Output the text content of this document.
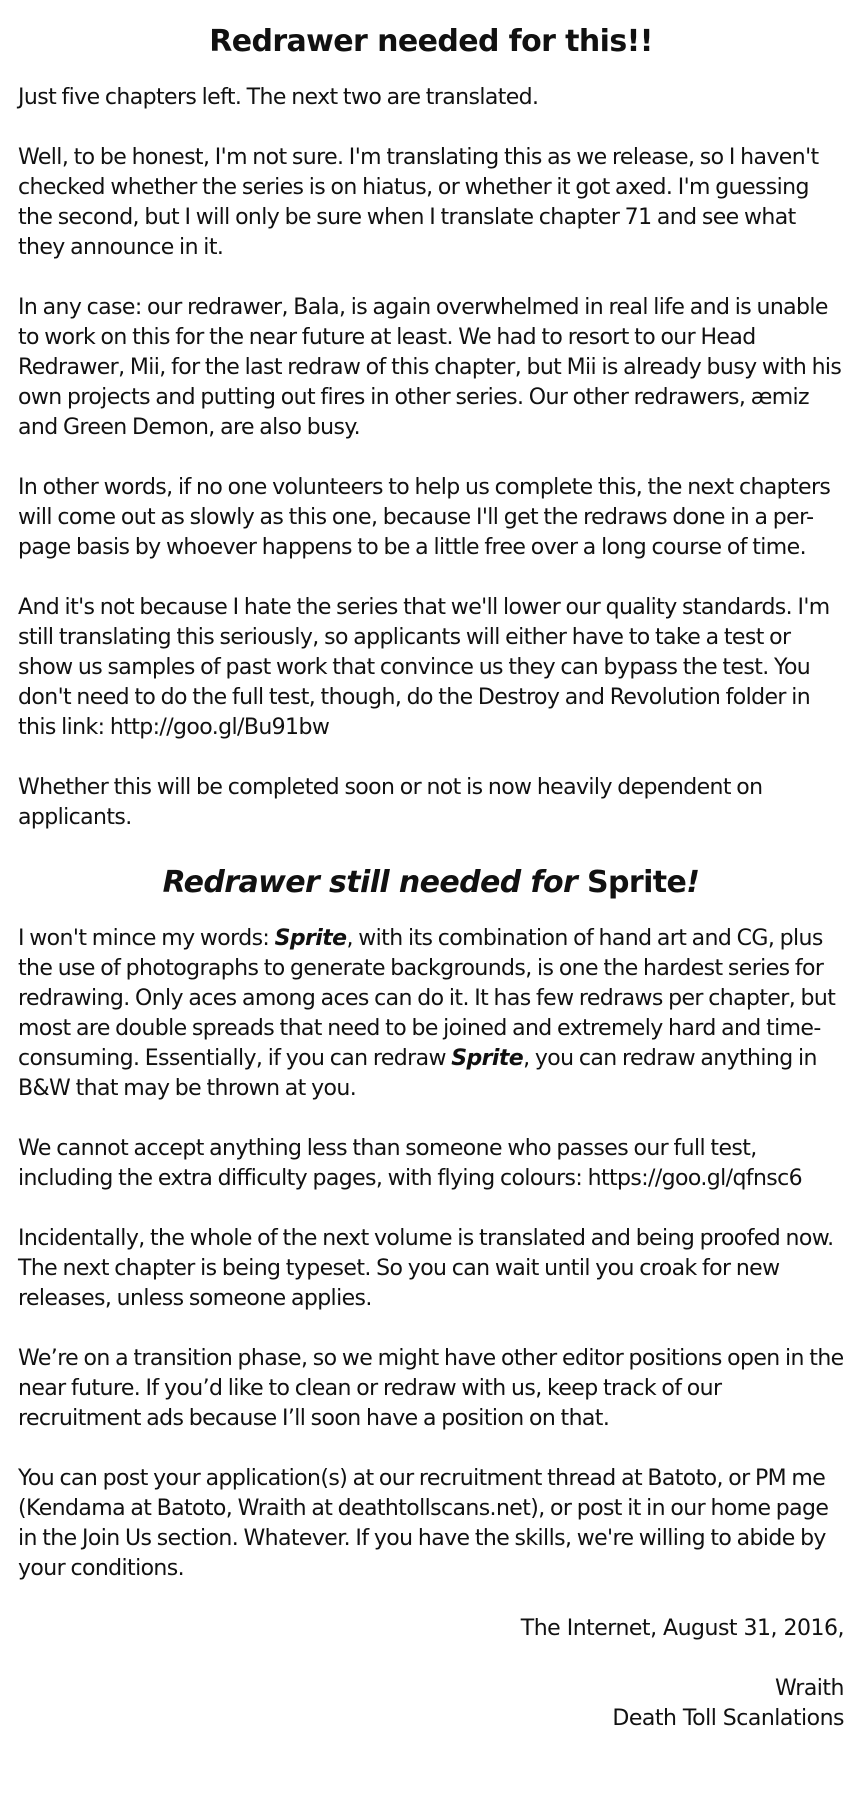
Redrawer needed for this!!

Just five chapters left. The next two are translated.

Well, to be honest, I'm not sure. I'm translating this as we release, so I haven't checked whether the series is on hiatus, or whether it got axed. I'm guessing the second, but I will only be sure when I translate chapter 71 and see what they announce in it.

In any case: our redrawer, Bala, is again overwhelmed in real life and is unable to work on this for the near future at least. We had to resort to our Head Redrawer, Mii, for the last redraw of this chapter, but Mii is already busy with his own projects and putting out fires in other series. Our other redrawers, æmiz and Green Demon, are also busy.

In other words, if no one volunteers to help us complete this, the next chapters will come out as slowly as this one, because I'll get the redraws done in a per-page basis by whoever happens to be a little free over a long course of time.

And it's not because I hate the series that we'll lower our quality standards. I'm still translating this seriously, so applicants will either have to take a test or show us samples of past work that convince us they can bypass the test. You don't need to do the full test, though, do the Destroy and Revolution folder in this link: http://goo.gl/Bu91bw

Whether this will be completed soon or not is now heavily dependent on applicants.

Redrawer still needed for Sprite!

I won't mince my words: Sprite, with its combination of hand art and CG, plus the use of photographs to generate backgrounds, is one the hardest series for redrawing. Only aces among aces can do it. It has few redraws per chapter, but most are double spreads that need to be joined and extremely hard and time-consuming. Essentially, if you can redraw Sprite, you can redraw anything in B&W that may be thrown at you.

We cannot accept anything less than someone who passes our full test, including the extra difficulty pages, with flying colours: https://goo.gl/qfnsc6

Incidentally, the whole of the next volume is translated and being proofed now. The next chapter is being typeset. So you can wait until you croak for new releases, unless someone applies.

We’re on a transition phase, so we might have other editor positions open in the near future. If you’d like to clean or redraw with us, keep track of our recruitment ads because I’ll soon have a position on that.

You can post your application(s) at our recruitment thread at Batoto, or PM me (Kendama at Batoto, Wraith at deathtollscans.net), or post it in our home page in the Join Us section. Whatever. If you have the skills, we're willing to abide by your conditions.

The Internet, August 31, 2016,
Wraith
Death Toll Scanlations
